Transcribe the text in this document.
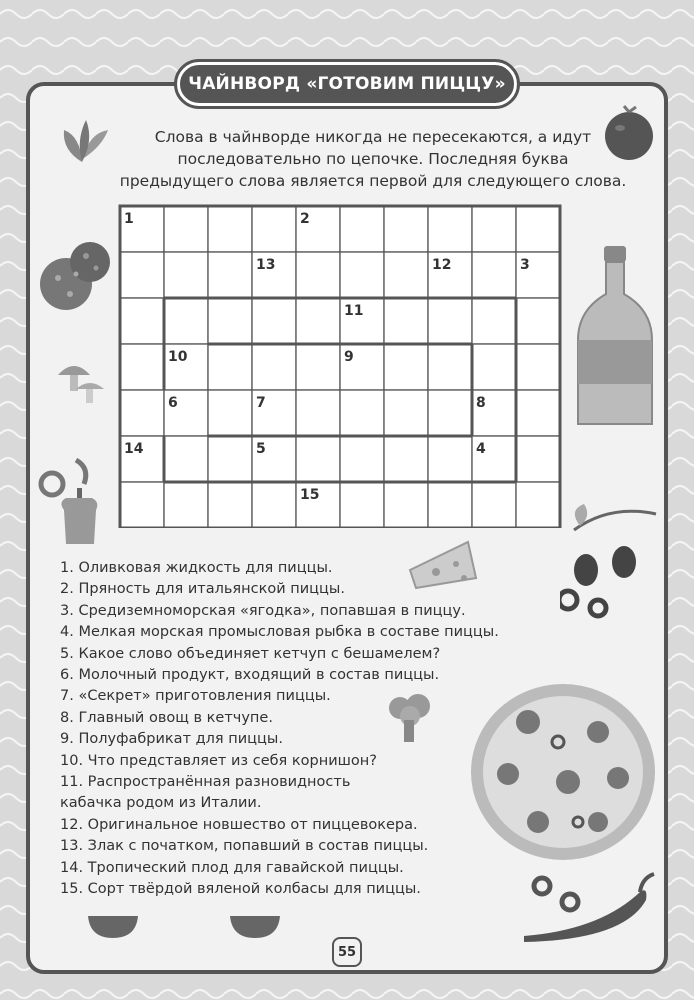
ЧАЙНВОРД «ГОТОВИМ ПИЦЦУ»
Слова в чайнворде никогда не пересекаются, а идут
последовательно по цепочке. Последняя буква
предыдущего слова является первой для следующего слова.
1	2
13	12	3
11
10	9
6	7	8
14	5	4
15
1. Оливковая жидкость для пиццы.
2. Пряность для итальянской пиццы.
3. Средиземноморская «ягодка», попавшая в пиццу.
4. Мелкая морская промысловая рыбка в составе пиццы.
5. Какое слово объединяет кетчуп с бешамелем?
6. Молочный продукт, входящий в состав пиццы.
7. «Секрет» приготовления пиццы.
8. Главный овощ в кетчупе.
9. Полуфабрикат для пиццы.
10. Что представляет из себя корнишон?
11. Распространённая разновидность
кабачка родом из Италии.
12. Оригинальное новшество от пиццевокера.
13. Злак с початком, попавший в состав пиццы.
14. Тропический плод для гавайской пиццы.
15. Сорт твёрдой вяленой колбасы для пиццы.
55
